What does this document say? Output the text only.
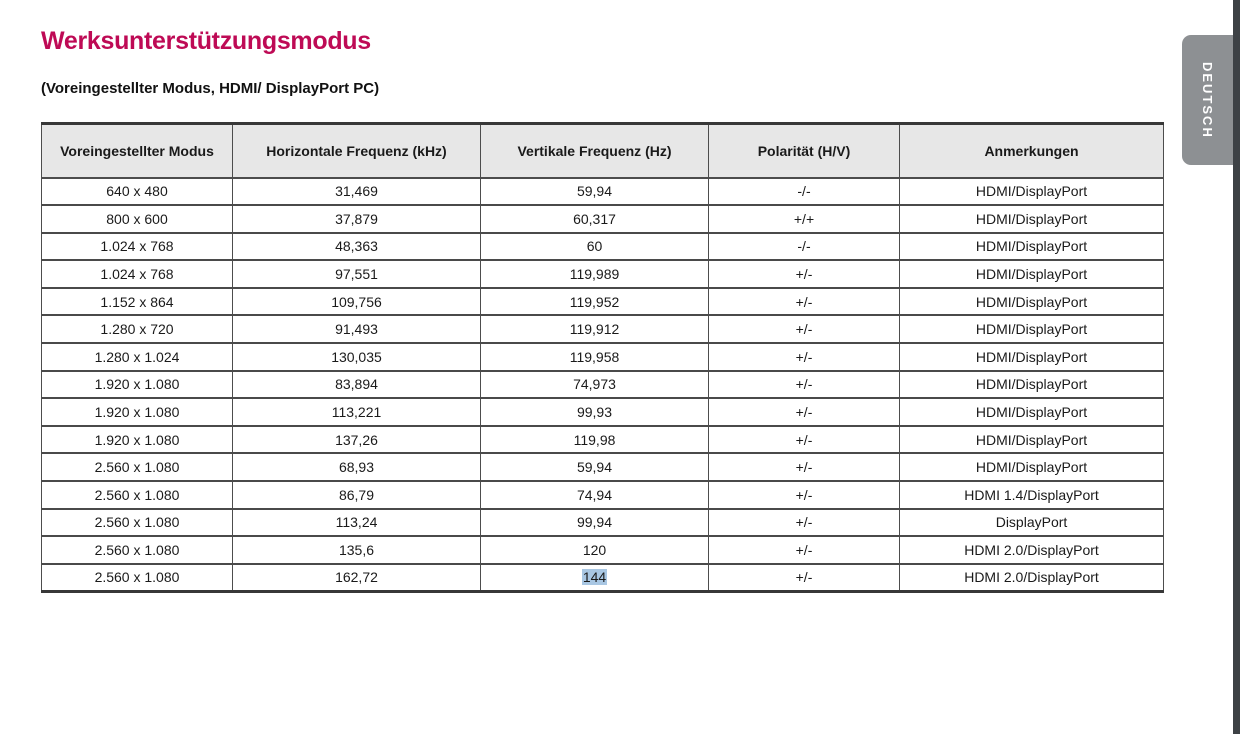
Werksunterstützungsmodus
(Voreingestellter Modus, HDMI/ DisplayPort PC)
Voreingestellter Modus	Horizontale Frequenz (kHz)	Vertikale Frequenz (Hz)	Polarität (H/V)	Anmerkungen
640 x 480	31,469	59,94	-/-	HDMI/DisplayPort
800 x 600	37,879	60,317	+/+	HDMI/DisplayPort
1.024 x 768	48,363	60	-/-	HDMI/DisplayPort
1.024 x 768	97,551	119,989	+/-	HDMI/DisplayPort
1.152 x 864	109,756	119,952	+/-	HDMI/DisplayPort
1.280 x 720	91,493	119,912	+/-	HDMI/DisplayPort
1.280 x 1.024	130,035	119,958	+/-	HDMI/DisplayPort
1.920 x 1.080	83,894	74,973	+/-	HDMI/DisplayPort
1.920 x 1.080	113,221	99,93	+/-	HDMI/DisplayPort
1.920 x 1.080	137,26	119,98	+/-	HDMI/DisplayPort
2.560 x 1.080	68,93	59,94	+/-	HDMI/DisplayPort
2.560 x 1.080	86,79	74,94	+/-	HDMI 1.4/DisplayPort
2.560 x 1.080	113,24	99,94	+/-	DisplayPort
2.560 x 1.080	135,6	120	+/-	HDMI 2.0/DisplayPort
2.560 x 1.080	162,72	144	+/-	HDMI 2.0/DisplayPort
DEUTSCH
